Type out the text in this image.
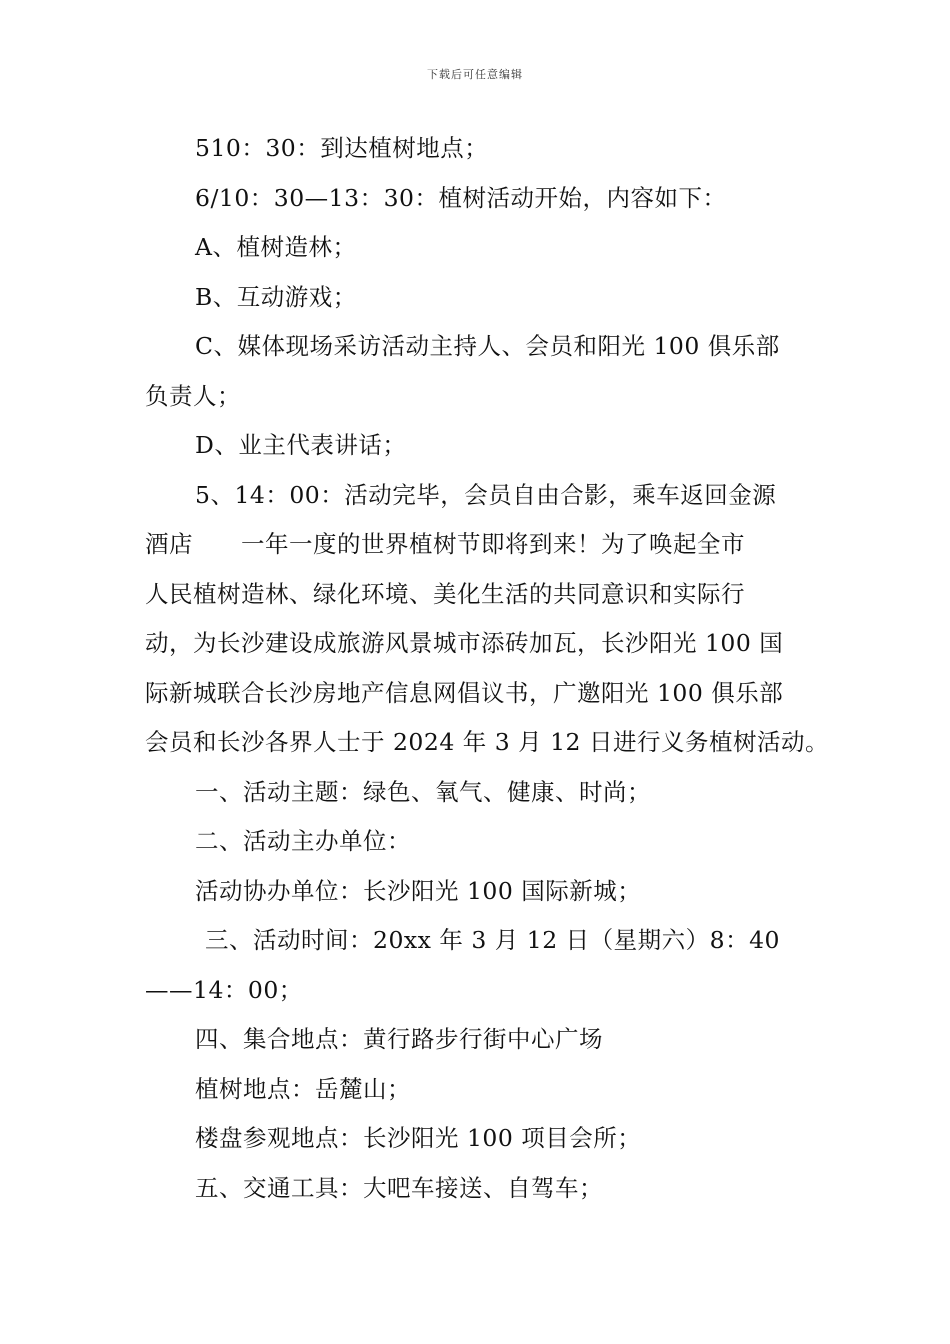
下载后可任意编辑
510：30：到达植树地点；
6/10：30—13：30：植树活动开始，内容如下：
A、植树造林；
B、互动游戏；
C、媒体现场采访活动主持人、会员和阳光 100 俱乐部
负责人；
D、业主代表讲话；
5、14：00：活动完毕，会员自由合影，乘车返回金源
酒店　　一年一度的世界植树节即将到来！为了唤起全市
人民植树造林、绿化环境、美化生活的共同意识和实际行
动，为长沙建设成旅游风景城市添砖加瓦，长沙阳光 100 国
际新城联合长沙房地产信息网倡议书，广邀阳光 100 俱乐部
会员和长沙各界人士于 2024 年 3 月 12 日进行义务植树活动。
一、活动主题：绿色、氧气、健康、时尚；
二、活动主办单位：
活动协办单位：长沙阳光 100 国际新城；
三、活动时间：20xx 年 3 月 12 日（星期六）8：40
——14：00；
四、集合地点：黄行路步行街中心广场
植树地点：岳麓山；
楼盘参观地点：长沙阳光 100 项目会所；
五、交通工具：大吧车接送、自驾车；
